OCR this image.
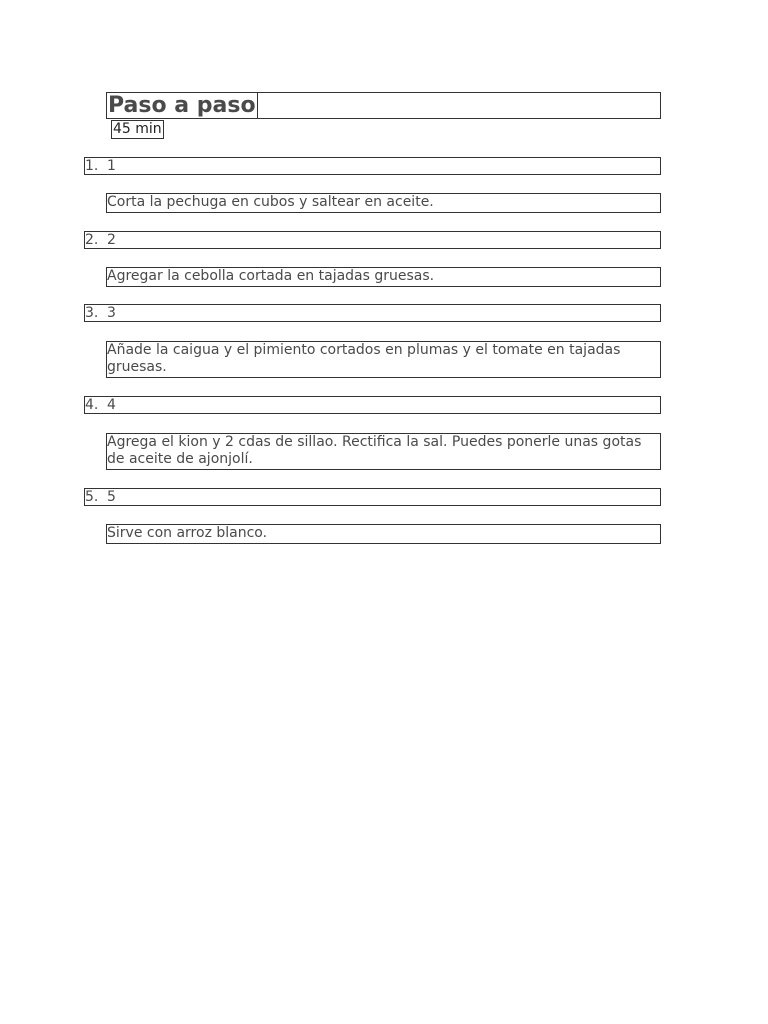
Paso a paso
45 min
1. 1
Corta la pechuga en cubos y saltear en aceite.
2. 2
Agregar la cebolla cortada en tajadas gruesas.
3. 3
Añade la caigua y el pimiento cortados en plumas y el tomate en tajadas gruesas.
4. 4
Agrega el kion y 2 cdas de sillao. Rectifica la sal. Puedes ponerle unas gotas de aceite de ajonjolí.
5. 5
Sirve con arroz blanco.
